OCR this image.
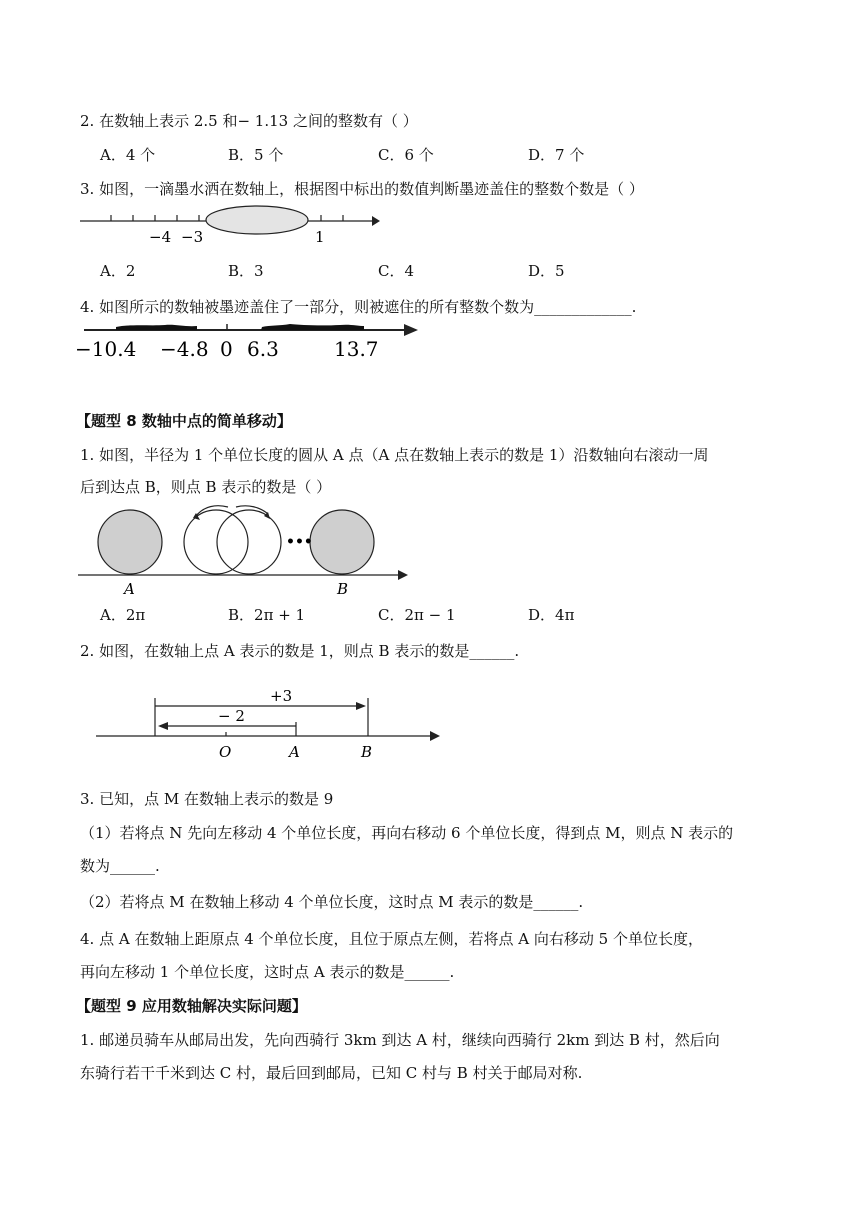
2. 在数轴上表示 2.5 和− 1.13 之间的整数有（ ）
A．4 个	B．5 个	C．6 个	D．7 个
3. 如图，一滴墨水洒在数轴上，根据图中标出的数值判断墨迹盖住的整数个数是（ ）
−4 −3	1
A．2	B．3	C．4	D．5
4. 如图所示的数轴被墨迹盖住了一部分，则被遮住的所有整数个数为_____________.
−10.4 −4.8 0 6.3	13.7
【题型 8 数轴中点的简单移动】
1. 如图，半径为 1 个单位长度的圆从 A 点（A 点在数轴上表示的数是 1）沿数轴向右滚动一周
后到达点 B，则点 B 表示的数是（ ）
•••
A	B
A．2π	B．2π + 1	C．2π − 1	D．4π
2. 如图，在数轴上点 A 表示的数是 1，则点 B 表示的数是______.
+3
− 2
O	A	B
3. 已知，点 M 在数轴上表示的数是 9
（1）若将点 N 先向左移动 4 个单位长度，再向右移动 6 个单位长度，得到点 M，则点 N 表示的
数为______.
（2）若将点 M 在数轴上移动 4 个单位长度，这时点 M 表示的数是______.
4. 点 A 在数轴上距原点 4 个单位长度，且位于原点左侧，若将点 A 向右移动 5 个单位长度，
再向左移动 1 个单位长度，这时点 A 表示的数是______.
【题型 9 应用数轴解决实际问题】
1. 邮递员骑车从邮局出发，先向西骑行 3km 到达 A 村，继续向西骑行 2km 到达 B 村，然后向
东骑行若干千米到达 C 村，最后回到邮局，已知 C 村与 B 村关于邮局对称.
